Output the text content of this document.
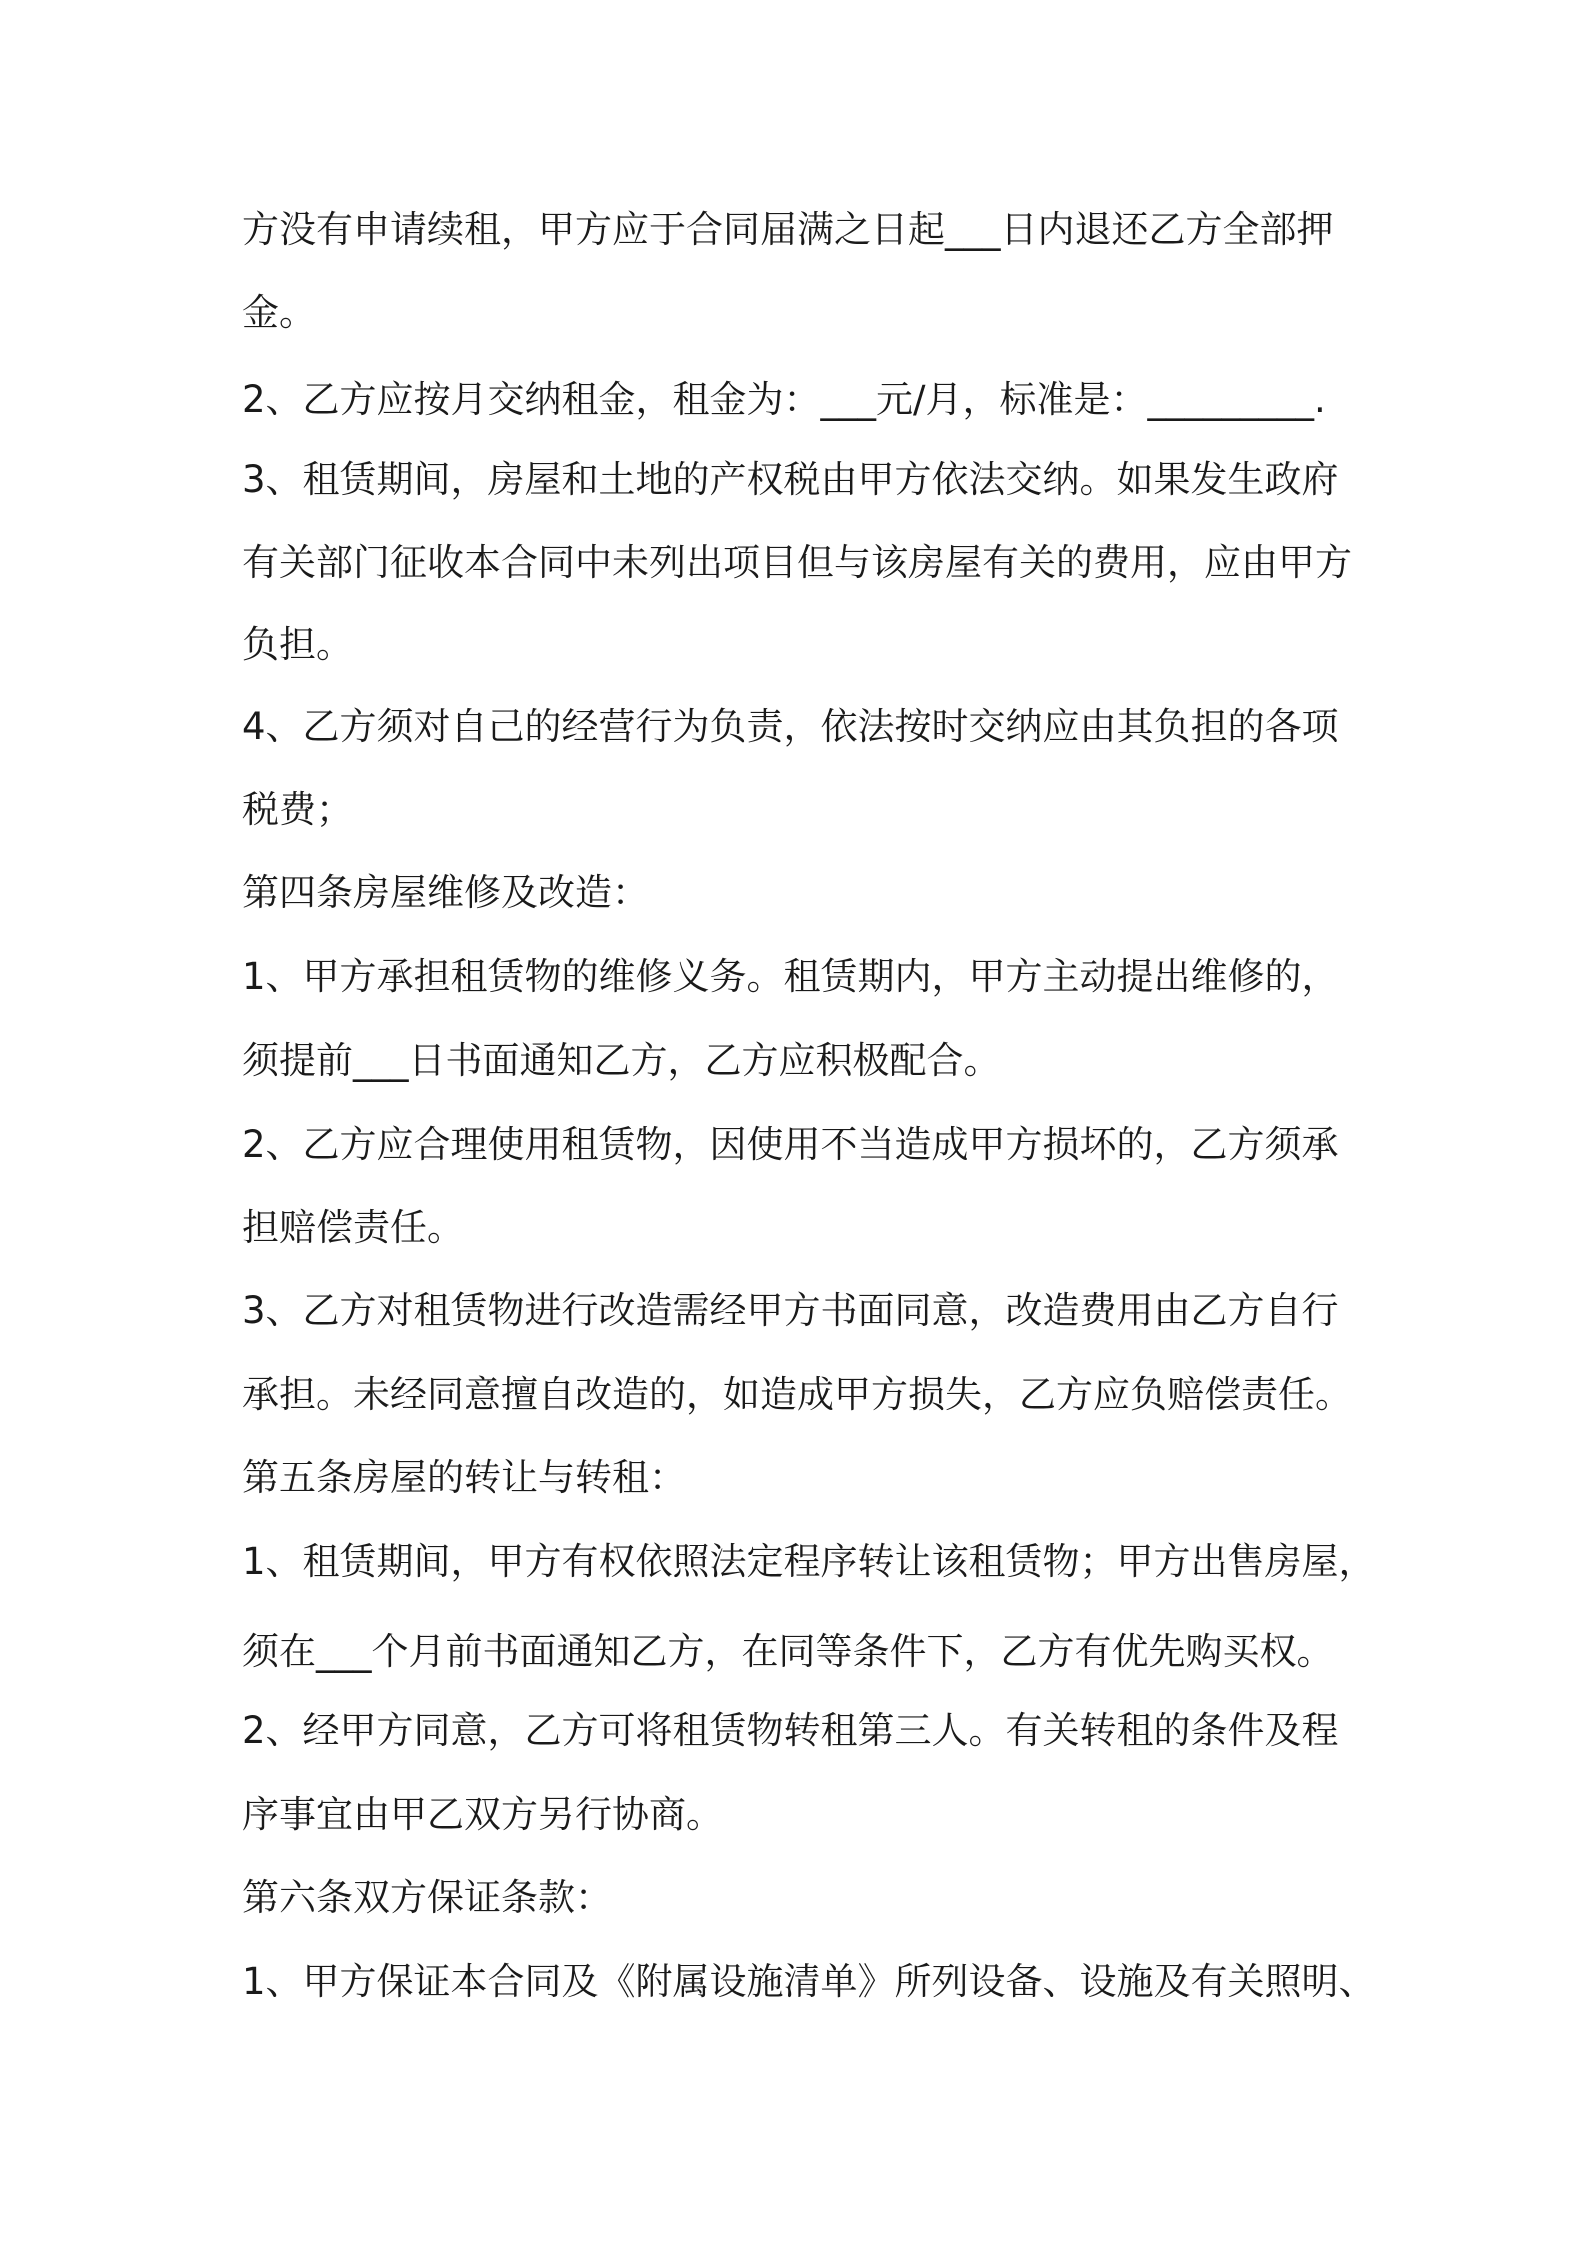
方没有申请续租，甲方应于合同届满之日起___日内退还乙方全部押
金。
2、乙方应按月交纳租金，租金为：___元/月，标准是：_________.
3、租赁期间，房屋和土地的产权税由甲方依法交纳。如果发生政府
有关部门征收本合同中未列出项目但与该房屋有关的费用，应由甲方
负担。
4、乙方须对自己的经营行为负责，依法按时交纳应由其负担的各项
税费；
第四条房屋维修及改造：
1、甲方承担租赁物的维修义务。租赁期内，甲方主动提出维修的，
须提前___日书面通知乙方，乙方应积极配合。
2、乙方应合理使用租赁物，因使用不当造成甲方损坏的，乙方须承
担赔偿责任。
3、乙方对租赁物进行改造需经甲方书面同意，改造费用由乙方自行
承担。未经同意擅自改造的，如造成甲方损失，乙方应负赔偿责任。
第五条房屋的转让与转租：
1、租赁期间，甲方有权依照法定程序转让该租赁物；甲方出售房屋，
须在___个月前书面通知乙方，在同等条件下，乙方有优先购买权。
2、经甲方同意，乙方可将租赁物转租第三人。有关转租的条件及程
序事宜由甲乙双方另行协商。
第六条双方保证条款：
1、甲方保证本合同及《附属设施清单》所列设备、设施及有关照明、
